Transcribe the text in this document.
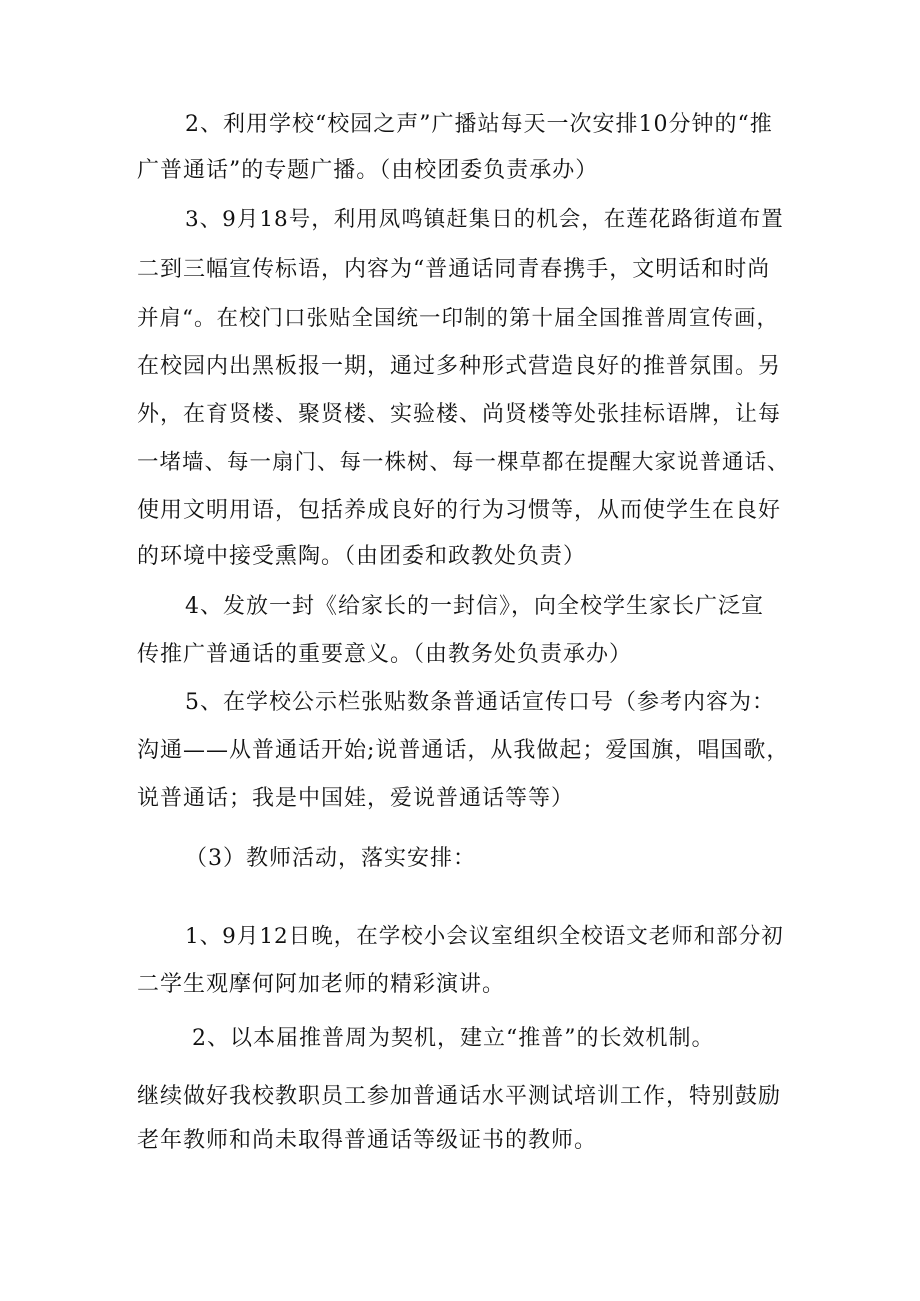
2、利用学校“校园之声”广播站每天一次安排10分钟的“推
广普通话”的专题广播。（由校团委负责承办）
3、9月18号，利用凤鸣镇赶集日的机会，在莲花路街道布置
二到三幅宣传标语，内容为“普通话同青春携手，文明话和时尚
并肩“。在校门口张贴全国统一印制的第十届全国推普周宣传画，
在校园内出黑板报一期，通过多种形式营造良好的推普氛围。另
外，在育贤楼、聚贤楼、实验楼、尚贤楼等处张挂标语牌，让每
一堵墙、每一扇门、每一株树、每一棵草都在提醒大家说普通话、
使用文明用语，包括养成良好的行为习惯等，从而使学生在良好
的环境中接受熏陶。（由团委和政教处负责）
4、发放一封《给家长的一封信》，向全校学生家长广泛宣
传推广普通话的重要意义。（由教务处负责承办）
5、在学校公示栏张贴数条普通话宣传口号（参考内容为：
沟通——从普通话开始;说普通话，从我做起；爱国旗，唱国歌，
说普通话；我是中国娃，爱说普通话等等）
（3）教师活动，落实安排：
1、9月12日晚，在学校小会议室组织全校语文老师和部分初
二学生观摩何阿加老师的精彩演讲。
2、以本届推普周为契机，建立“推普”的长效机制。
继续做好我校教职员工参加普通话水平测试培训工作，特别鼓励
老年教师和尚未取得普通话等级证书的教师。
